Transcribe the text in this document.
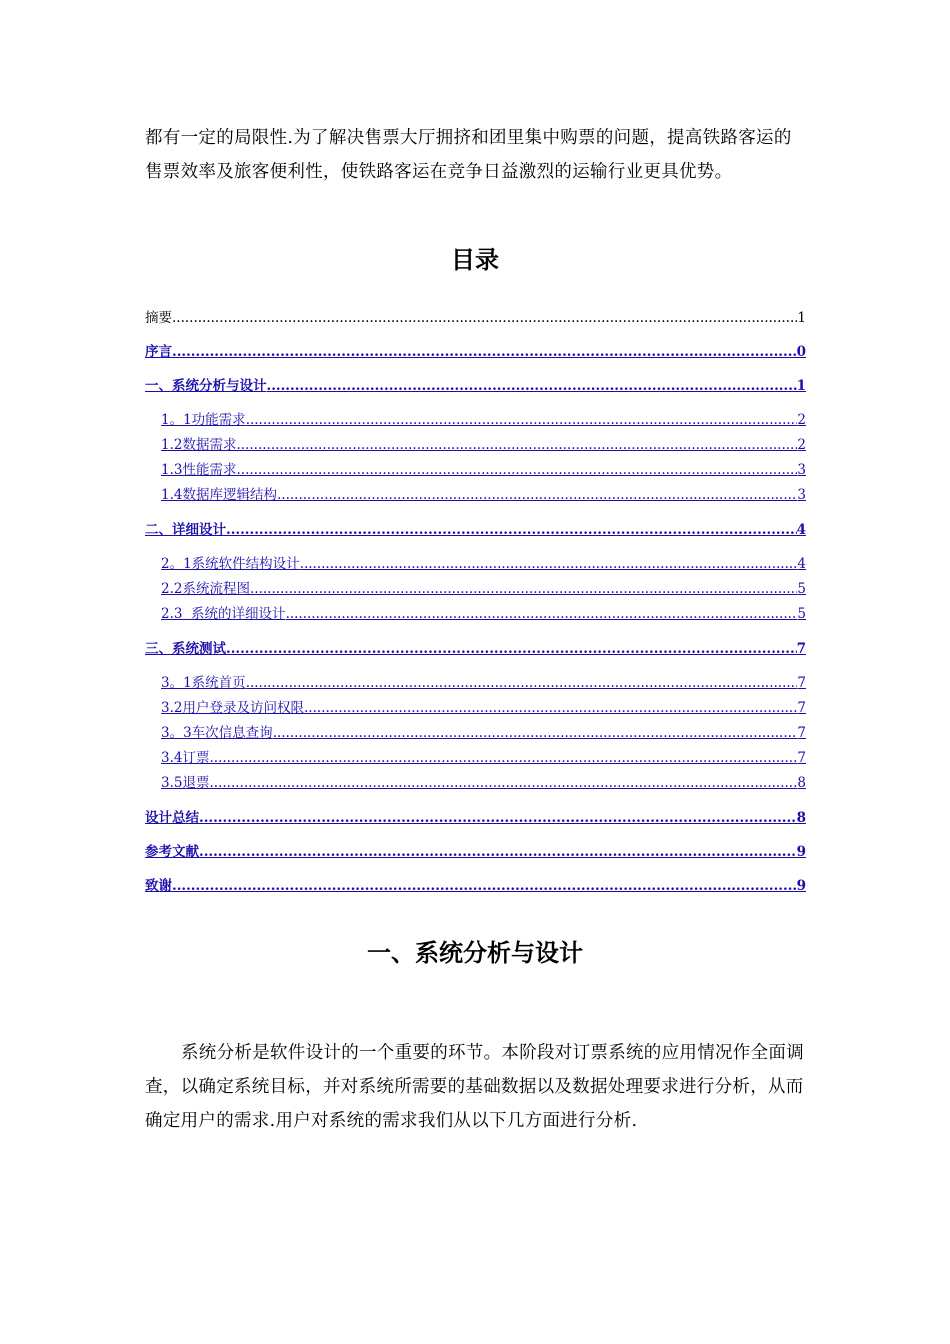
都有一定的局限性.为了解决售票大厅拥挤和团里集中购票的问题，提高铁路客运的售票效率及旅客便利性，使铁路客运在竞争日益激烈的运输行业更具优势。

目录
摘要 .....	1
序言 .....	0
一、系统分析与设计 .....	1
1。1功能需求 .....	2
1.2数据需求 .....	2
1.3性能需求 .....	3
1.4数据库逻辑结构 .....	3
二、详细设计 .....	4
2。1系统软件结构设计 .....	4
2.2系统流程图 .....	5
2.3  系统的详细设计 .....	5
三、系统测试 .....	7
3。1系统首页 .....	7
3.2用户登录及访问权限 .....	7
3。3车次信息查询 .....	7
3.4订票 .....	7
3.5退票 .....	8
设计总结 .....	8
参考文献 .....	9
致谢 .....	9
一、系统分析与设计

系统分析是软件设计的一个重要的环节。本阶段对订票系统的应用情况作全面调查，以确定系统目标，并对系统所需要的基础数据以及数据处理要求进行分析，从而确定用户的需求.用户对系统的需求我们从以下几方面进行分析.
